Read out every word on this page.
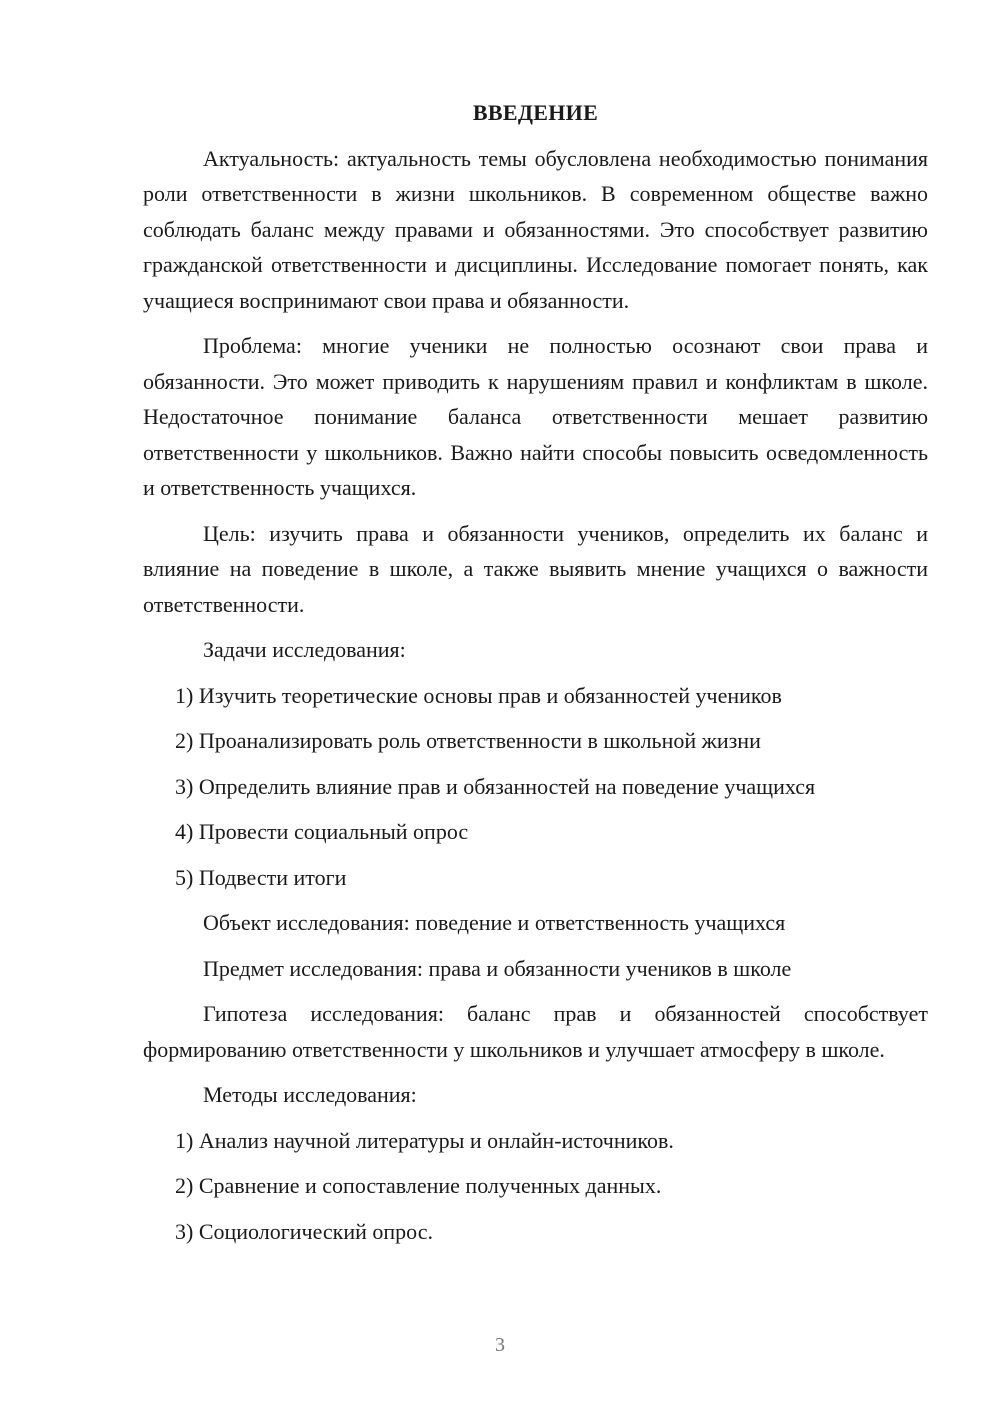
ВВЕДЕНИЕ

Актуальность: актуальность темы обусловлена необходимостью понимания роли ответственности в жизни школьников. В современном обществе важно соблюдать баланс между правами и обязанностями. Это способствует развитию гражданской ответственности и дисциплины. Исследование помогает понять, как учащиеся воспринимают свои права и обязанности.

Проблема: многие ученики не полностью осознают свои права и обязанности. Это может приводить к нарушениям правил и конфликтам в школе. Недостаточное понимание баланса ответственности мешает развитию ответственности у школьников. Важно найти способы повысить осведомленность и ответственность учащихся.

Цель: изучить права и обязанности учеников, определить их баланс и влияние на поведение в школе, а также выявить мнение учащихся о важности ответственности.

Задачи исследования:
1) Изучить теоретические основы прав и обязанностей учеников
2) Проанализировать роль ответственности в школьной жизни
3) Определить влияние прав и обязанностей на поведение учащихся
4) Провести социальный опрос
5) Подвести итоги
Объект исследования: поведение и ответственность учащихся
Предмет исследования: права и обязанности учеников в школе

Гипотеза исследования: баланс прав и обязанностей способствует формированию ответственности у школьников и улучшает атмосферу в школе.

Методы исследования:
1) Анализ научной литературы и онлайн-источников.
2) Сравнение и сопоставление полученных данных.
3) Социологический опрос.
3
